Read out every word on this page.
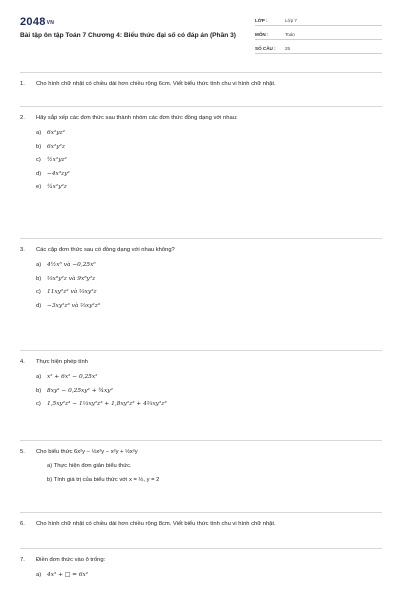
2048VN
Bài tập ôn tập Toán 7 Chương 4: Biểu thức đại số có đáp án (Phần 3)
LỚP :	Lớp 7
MÔN :	Toán
SỐ CÂU :	25
1.	Cho hình chữ nhật có chiều dài hơn chiều rộng 6cm. Viết biểu thức tính chu vi hình chữ nhật.
2.	Hãy sắp xếp các đơn thức sau thành nhóm các đơn thức đồng dạng với nhau:
a) 6x²yz²
b) 6x²y²z
c) ½x²yz²
d) −4x³zy²
e) ¼x²y²z
3.	Các cặp đơn thức sau có đồng dạng với nhau không?
a) 4½x⁶ và −0,25x⁶
b) ⅔x⁸y²z và 9x⁸y²z
c) 11xy²z² và ⅔xy²z
d) −3xy²z³ và ⅔xy²z³
4.	Thực hiện phép tính
a) x² + 6x² − 0,25x²
b) 8xy² − 0,25xy² + ¾xy²
c) 1,5xy²z³ − 1⅓xy²z³ + 1,8xy²z³ + 4⅔xy²z³
5.	Cho biểu thức 6x²y − ½x²y − x²y + ½x²y
a) Thực hiện đơn giản biểu thức.
b) Tính giá trị của biểu thức với x = ½, y = 2
6.	Cho hình chữ nhật có chiều dài hơn chiều rộng 8cm. Viết biểu thức tính chu vi hình chữ nhật.
7.	Điền đơn thức vào ô trống:
a) 4x² + □ = 6x²
